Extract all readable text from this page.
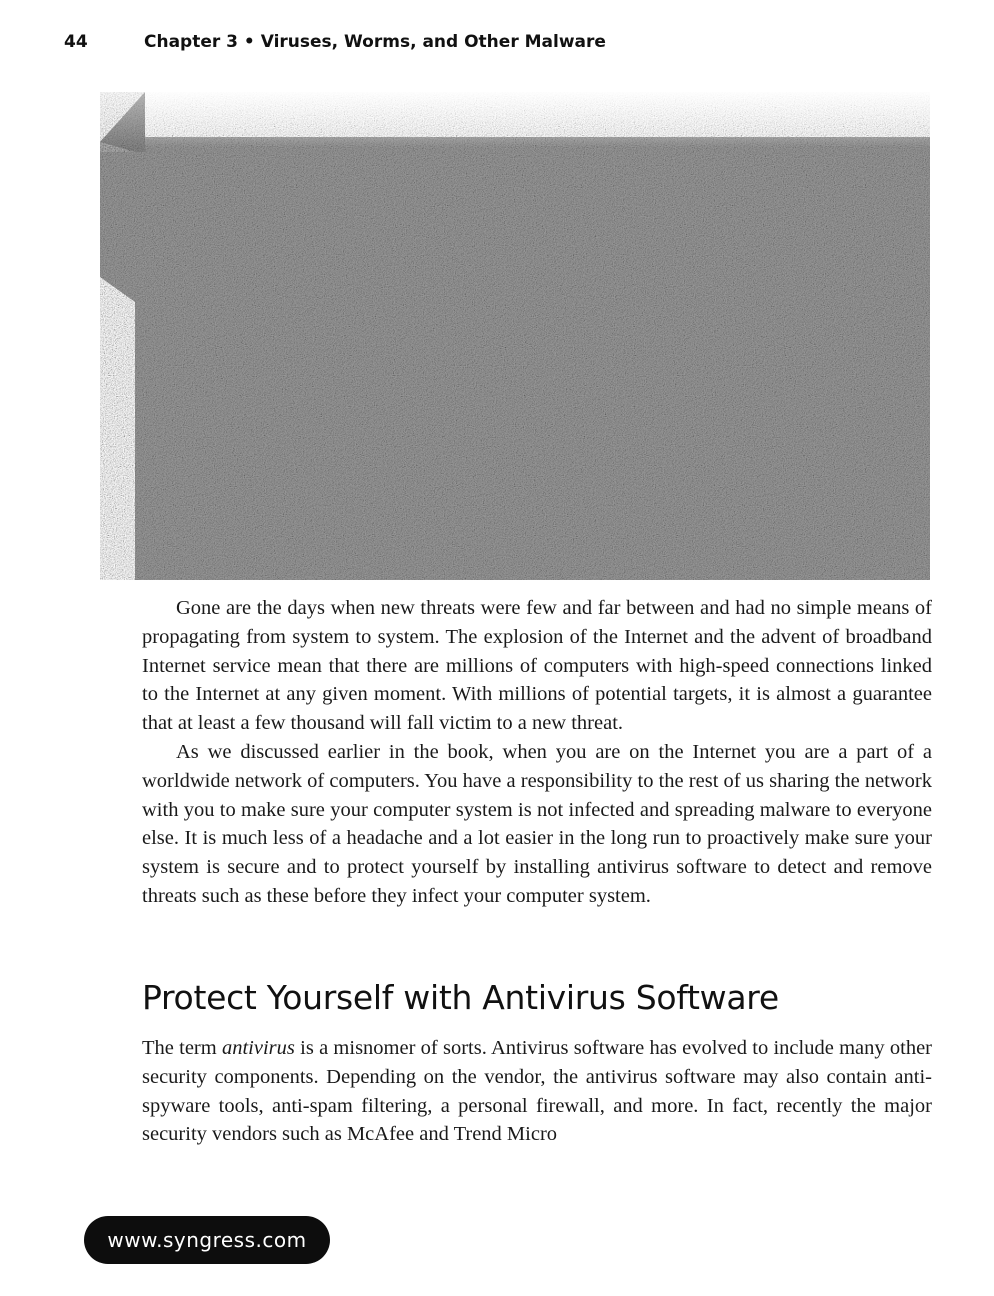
44	Chapter 3 • Viruses, Worms, and Other Malware

Gone are the days when new threats were few and far between and had no simple means of propagating from system to system. The explosion of the Internet and the advent of broadband Internet service mean that there are millions of computers with high-speed connections linked to the Internet at any given moment. With millions of potential targets, it is almost a guarantee that at least a few thousand will fall victim to a new threat.

As we discussed earlier in the book, when you are on the Internet you are a part of a worldwide network of computers. You have a responsibility to the rest of us sharing the network with you to make sure your computer system is not infected and spreading malware to everyone else. It is much less of a headache and a lot easier in the long run to proactively make sure your system is secure and to protect yourself by installing antivirus software to detect and remove threats such as these before they infect your computer system.

Protect Yourself with Antivirus Software

The term antivirus is a misnomer of sorts. Antivirus software has evolved to include many other security components. Depending on the vendor, the antivirus software may also contain anti-spyware tools, anti-spam filtering, a personal firewall, and more. In fact, recently the major security vendors such as McAfee and Trend Micro

www.syngress.com
